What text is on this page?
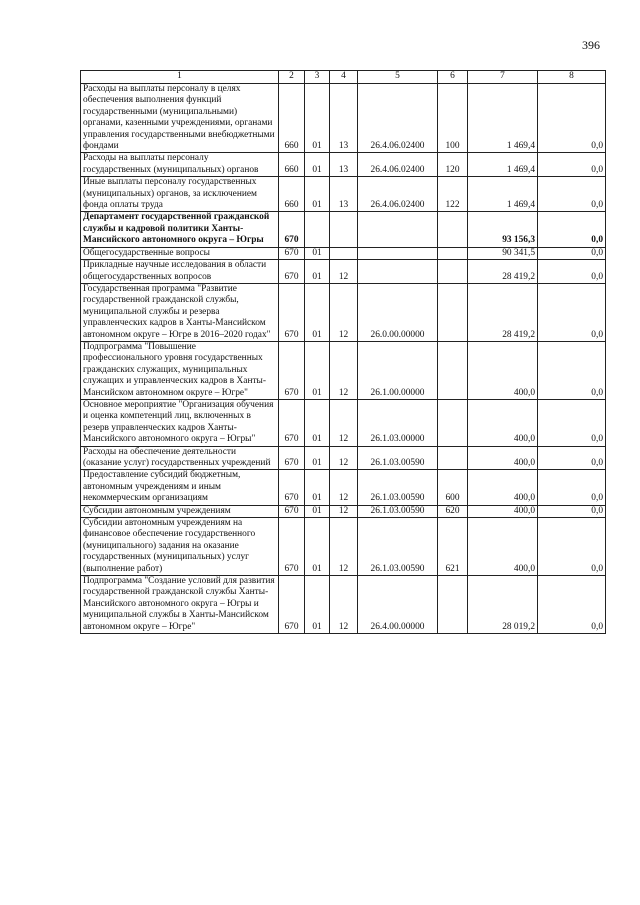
396
1	2	3	4	5	6	7	8
Расходы на выплаты персоналу в целях обеспечения выполнения функций государственными (муниципальными) органами, казенными учреждениями, органами управления государственными внебюджетными фондами	660	01	13	26.4.06.02400	100	1 469,4	0,0
Расходы на выплаты персоналу государственных (муниципальных) органов	660	01	13	26.4.06.02400	120	1 469,4	0,0
Иные выплаты персоналу государственных (муниципальных) органов, за исключением фонда оплаты труда	660	01	13	26.4.06.02400	122	1 469,4	0,0
Департамент государственной гражданской службы и кадровой политики Ханты-Мансийского автономного округа – Югры	670					93 156,3	0,0
Общегосударственные вопросы	670	01				90 341,5	0,0
Прикладные научные исследования в области общегосударственных вопросов	670	01	12			28 419,2	0,0
Государственная программа "Развитие государственной гражданской службы, муниципальной службы и резерва управленческих кадров в Ханты-Мансийском автономном округе – Югре в 2016–2020 годах"	670	01	12	26.0.00.00000		28 419,2	0,0
Подпрограмма "Повышение профессионального уровня государственных гражданских служащих, муниципальных служащих и управленческих кадров в Ханты-Мансийском автономном округе – Югре"	670	01	12	26.1.00.00000		400,0	0,0
Основное мероприятие "Организация обучения и оценка компетенций лиц, включенных в резерв управленческих кадров Ханты-Мансийского автономного округа – Югры"	670	01	12	26.1.03.00000		400,0	0,0
Расходы на обеспечение деятельности (оказание услуг) государственных учреждений	670	01	12	26.1.03.00590		400,0	0,0
Предоставление субсидий бюджетным, автономным учреждениям и иным некоммерческим организациям	670	01	12	26.1.03.00590	600	400,0	0,0
Субсидии автономным учреждениям	670	01	12	26.1.03.00590	620	400,0	0,0
Субсидии автономным учреждениям на финансовое обеспечение государственного (муниципального) задания на оказание государственных (муниципальных) услуг (выполнение работ)	670	01	12	26.1.03.00590	621	400,0	0,0
Подпрограмма "Создание условий для развития государственной гражданской службы Ханты-Мансийского автономного округа – Югры и муниципальной службы в Ханты-Мансийском автономном округе – Югре"	670	01	12	26.4.00.00000		28 019,2	0,0
